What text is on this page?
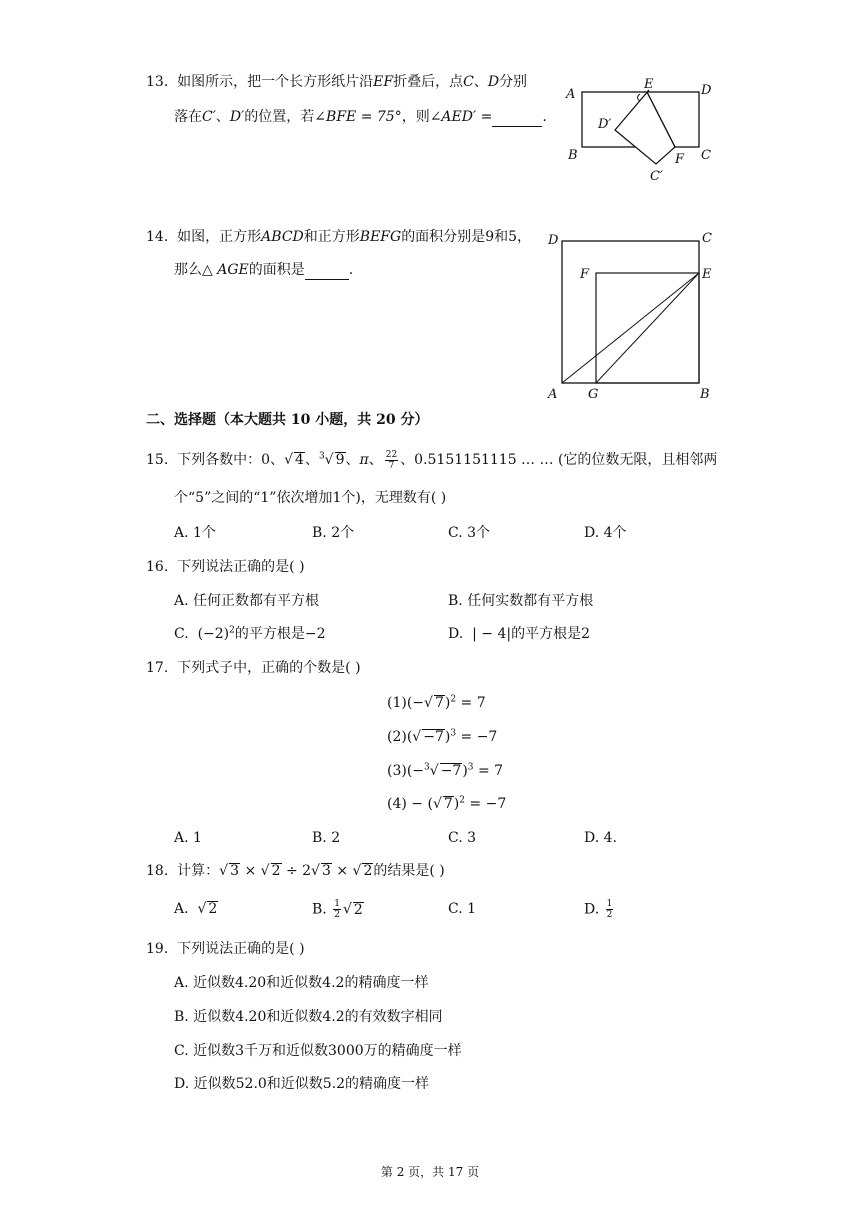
13. 如图所示，把一个长方形纸片沿EF折叠后，点C、D分别
落在C′、D′的位置，若∠BFE = 75°，则∠AED′ =	.
A
E	D
D′
B	F C
C′
14. 如图，正方形ABCD和正方形BEFG的面积分别是9和5，
那么△ AGE的面积是	.
D	C
F	E
A G	B
二、选择题（本大题共 10 小题，共 20 分）
15. 下列各数中：0、√ 4、$^3$√ 9、π、 $\frac{22}{7}$ 、0.5151151115 … … (它的位数无限，且相邻两
个“5”之间的“1”依次增加1个)，无理数有( )
A. 1个	B. 2个	C. 3个	D. 4个
16. 下列说法正确的是( )
A. 任何正数都有平方根	B. 任何实数都有平方根
C. $(-2)^2$的平方根是−2	D. | − 4|的平方根是2
17. 下列式子中，正确的个数是( )
(1)(−√ 7)$^2$ = 7
(2)(√ −7)$^3$ = −7
$(3)(-^3√ -7)^3 = 7$
(4) − (√ 7)$^2$ = −7
A. 1	B. 2	C. 3	D. 4.
18. 计算：√ 3 × √ 2 ÷ 2√ 3 × √ 2的结果是( )
A.  √ 2	B. $\frac{1}{2}$ √ 2	C. 1	D. $\frac{1}{2}$
19. 下列说法正确的是( )
A. 近似数4.20和近似数4.2的精确度一样
B. 近似数4.20和近似数4.2的有效数字相同
C. 近似数3千万和近似数3000万的精确度一样
D. 近似数52.0和近似数5.2的精确度一样
第 2 页，共 17 页
